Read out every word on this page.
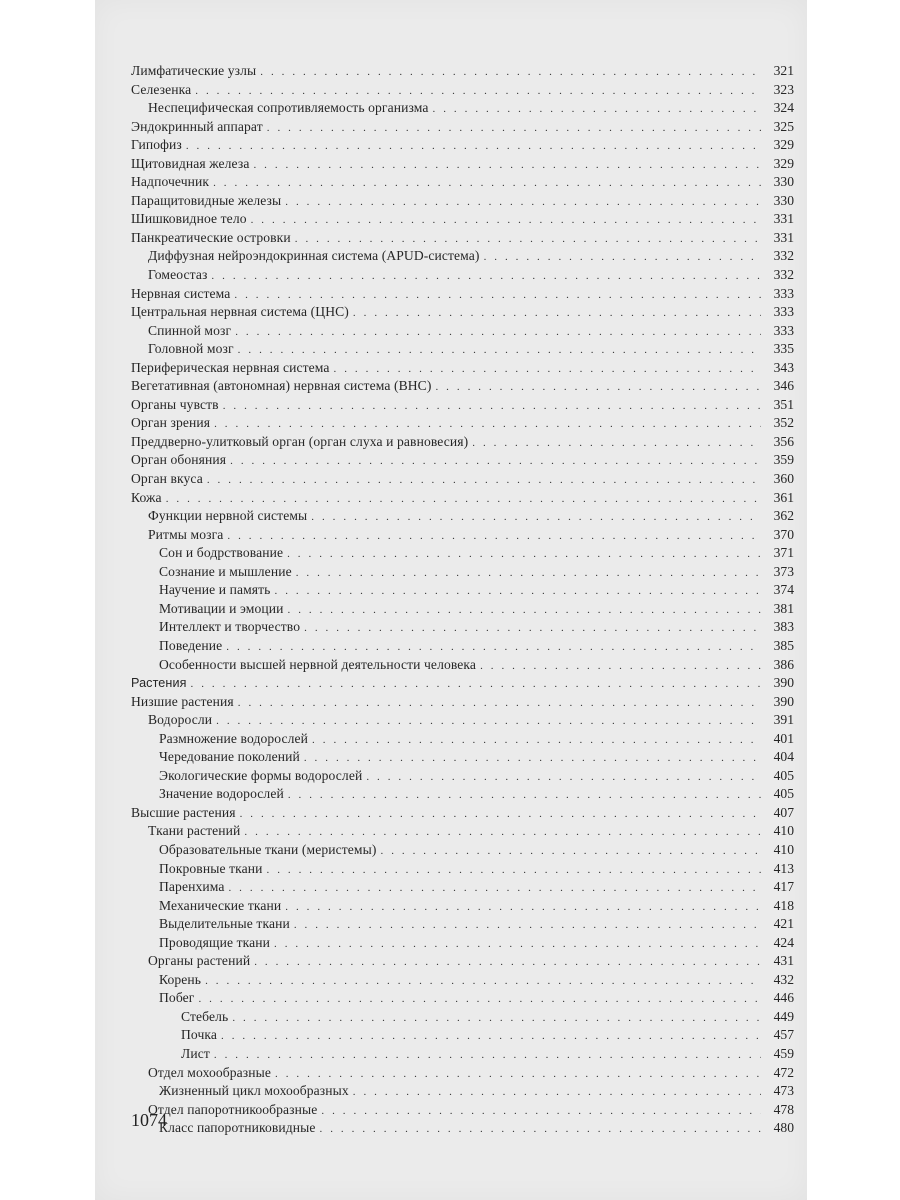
Лимфатические узлы . . .	321
Селезенка . . .	323
Неспецифическая сопротивляемость организма . . .	324
Эндокринный аппарат . . .	325
Гипофиз . . .	329
Щитовидная железа . . .	329
Надпочечник . . .	330
Паращитовидные железы . . .	330
Шишковидное тело . . .	331
Панкреатические островки . . .	331
Диффузная нейроэндокринная система (APUD-система) . . .	332
Гомеостаз . . .	332
Нервная система . . .	333
Центральная нервная система (ЦНС) . . .	333
Спинной мозг . . .	333
Головной мозг . . .	335
Периферическая нервная система . . .	343
Вегетативная (автономная) нервная система (ВНС) . . .	346
Органы чувств . . .	351
Орган зрения . . .	352
Преддверно-улитковый орган (орган слуха и равновесия) . . .	356
Орган обоняния . . .	359
Орган вкуса . . .	360
Кожа . . .	361
Функции нервной системы . . .	362
Ритмы мозга . . .	370
Сон и бодрствование . . .	371
Сознание и мышление . . .	373
Научение и память . . .	374
Мотивации и эмоции . . .	381
Интеллект и творчество . . .	383
Поведение . . .	385
Особенности высшей нервной деятельности человека . . .	386
Растения . . .	390
Низшие растения . . .	390
Водоросли . . .	391
Размножение водорослей . . .	401
Чередование поколений . . .	404
Экологические формы водорослей . . .	405
Значение водорослей . . .	405
Высшие растения . . .	407
Ткани растений . . .	410
Образовательные ткани (меристемы) . . .	410
Покровные ткани . . .	413
Паренхима . . .	417
Механические ткани . . .	418
Выделительные ткани . . .	421
Проводящие ткани . . .	424
Органы растений . . .	431
Корень . . .	432
Побег . . .	446
Стебель . . .	449
Почка . . .	457
Лист . . .	459
Отдел мохообразные . . .	472
Жизненный цикл мохообразных . . .	473
Отдел папоротникообразные . . .	478
Класс папоротниковидные . . .	480
1074
